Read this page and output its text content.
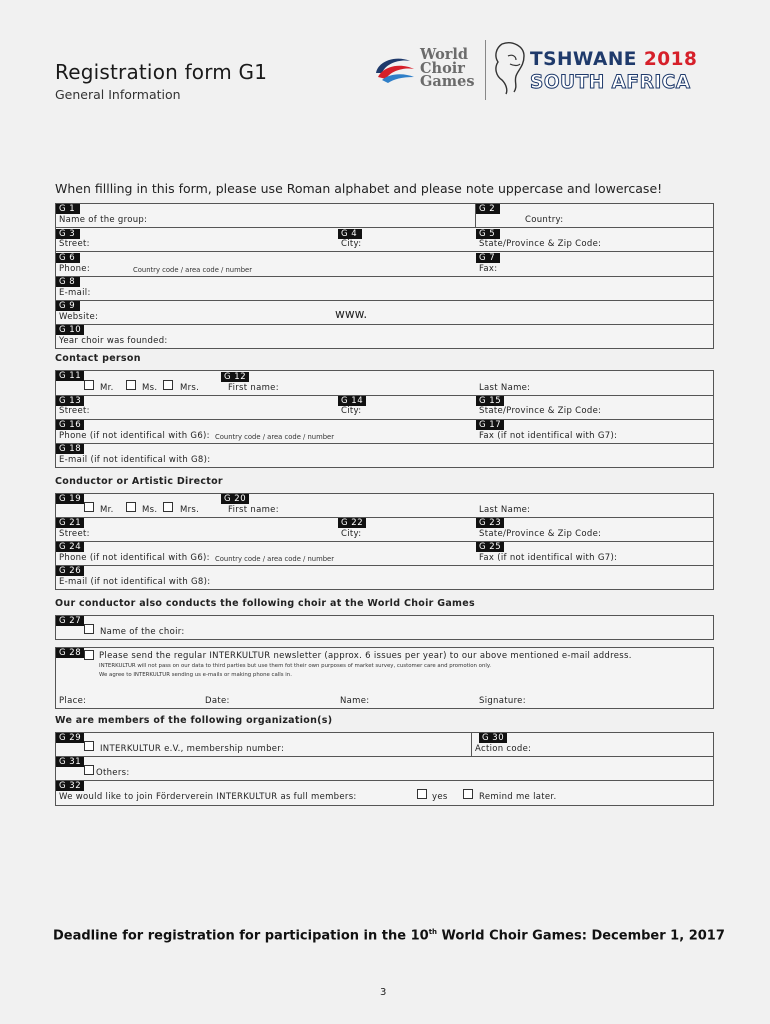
Registration form G1
General Information
World
Choir
Games
TSHWANE 2018
SOUTH AFRICA
When fillling in this form, please use Roman alphabet and please note uppercase and lowercase!
G 1
Name of the group:
G 2
Country:
G 3
Street:
G 4
City:
G 5
State/Province & Zip Code:
G 6
Phone:	Country code / area code / number
G 7
Fax:
G 8
E-mail:
G 9
Website:	www.
G 10
Year choir was founded:
Contact person
G 11
Mr.	Ms.	Mrs.
G 12
First name:	Last Name:
G 13
Street:
G 14
City:
G 15
State/Province & Zip Code:
G 16
Phone (if not identifical with G6): Country code / area code / number
G 17
Fax (if not identifical with G7):
G 18
E-mail (if not identifical with G8):
Conductor or Artistic Director
G 19
Mr.	Ms.	Mrs.
G 20
First name:	Last Name:
G 21
Street:
G 22
City:
G 23
State/Province & Zip Code:
G 24
Phone (if not identifical with G6): Country code / area code / number
G 25
Fax (if not identifical with G7):
G 26
E-mail (if not identifical with G8):
Our conductor also conducts the following choir at the World Choir Games
G 27
Name of the choir:
G 28	Please send the regular INTERKULTUR newsletter (approx. 6 issues per year) to our above mentioned e-mail address.
INTERKULTUR will not pass on our data to third parties but use them fot their own purposes of market survey, customer care and promotion only.
We agree to INTERKULTUR sending us e-mails or making phone calls in.
Place:	Date:	Name:	Signature:
We are members of the following organization(s)
G 29
INTERKULTUR e.V., membership number:
G 30
Action code:
G 31
Others:
G 32
We would like to join Förderverein INTERKULTUR as full members:	yes	Remind me later.
Deadline for registration for participation in the 10th World Choir Games: December 1, 2017
3
